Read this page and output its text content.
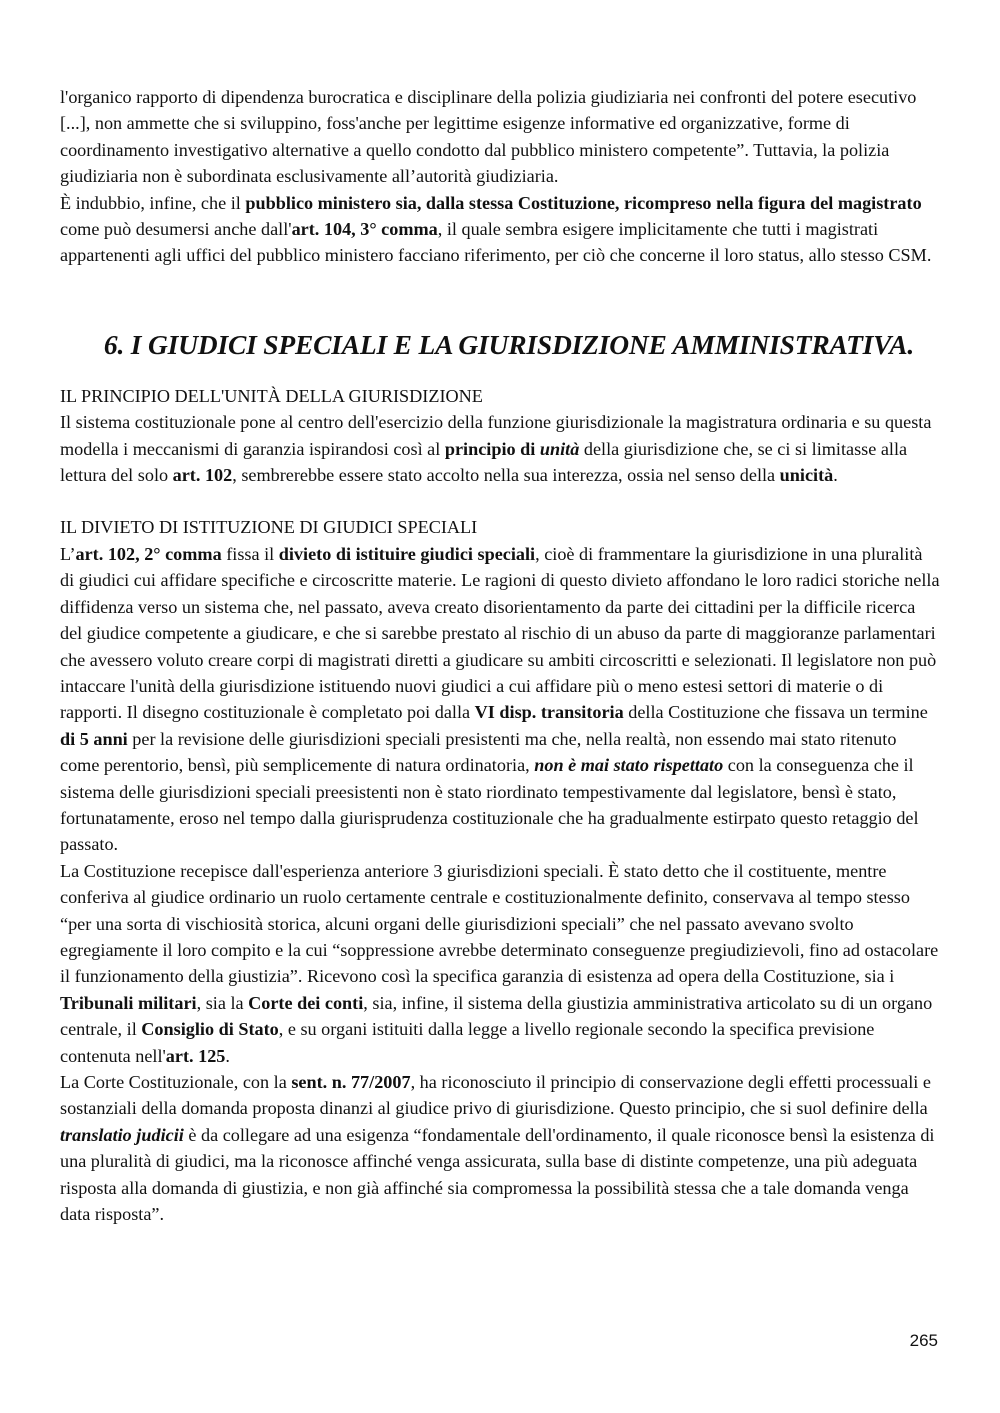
l'organico rapporto di dipendenza burocratica e disciplinare della polizia giudiziaria nei confronti del potere esecutivo [...], non ammette che si sviluppino, foss'anche per legittime esigenze informative ed organizzative, forme di coordinamento investigativo alternative a quello condotto dal pubblico ministero competente”. Tuttavia, la polizia giudiziaria non è subordinata esclusivamente all’autorità giudiziaria.

È indubbio, infine, che il pubblico ministero sia, dalla stessa Costituzione, ricompreso nella figura del magistrato come può desumersi anche dall'art. 104, 3° comma, il quale sembra esigere implicitamente che tutti i magistrati appartenenti agli uffici del pubblico ministero facciano riferimento, per ciò che concerne il loro status, allo stesso CSM.

6. I GIUDICI SPECIALI E LA GIURISDIZIONE AMMINISTRATIVA.

IL PRINCIPIO DELL'UNITÀ DELLA GIURISDIZIONE

Il sistema costituzionale pone al centro dell'esercizio della funzione giurisdizionale la magistratura ordinaria e su questa modella i meccanismi di garanzia ispirandosi così al principio di unità della giurisdizione che, se ci si limitasse alla lettura del solo art. 102, sembrerebbe essere stato accolto nella sua interezza, ossia nel senso della unicità.

IL DIVIETO DI ISTITUZIONE DI GIUDICI SPECIALI

L’art. 102, 2° comma fissa il divieto di istituire giudici speciali, cioè di frammentare la giurisdizione in una pluralità di giudici cui affidare specifiche e circoscritte materie. Le ragioni di questo divieto affondano le loro radici storiche nella diffidenza verso un sistema che, nel passato, aveva creato disorientamento da parte dei cittadini per la difficile ricerca del giudice competente a giudicare, e che si sarebbe prestato al rischio di un abuso da parte di maggioranze parlamentari che avessero voluto creare corpi di magistrati diretti a giudicare su ambiti circoscritti e selezionati. Il legislatore non può intaccare l'unità della giurisdizione istituendo nuovi giudici a cui affidare più o meno estesi settori di materie o di rapporti. Il disegno costituzionale è completato poi dalla VI disp. transitoria della Costituzione che fissava un termine di 5 anni per la revisione delle giurisdizioni speciali presistenti ma che, nella realtà, non essendo mai stato ritenuto come perentorio, bensì, più semplicemente di natura ordinatoria, non è mai stato rispettato con la conseguenza che il sistema delle giurisdizioni speciali preesistenti non è stato riordinato tempestivamente dal legislatore, bensì è stato, fortunatamente, eroso nel tempo dalla giurisprudenza costituzionale che ha gradualmente estirpato questo retaggio del passato.

La Costituzione recepisce dall'esperienza anteriore 3 giurisdizioni speciali. È stato detto che il costituente, mentre conferiva al giudice ordinario un ruolo certamente centrale e costituzionalmente definito, conservava al tempo stesso “per una sorta di vischiosità storica, alcuni organi delle giurisdizioni speciali” che nel passato avevano svolto egregiamente il loro compito e la cui “soppressione avrebbe determinato conseguenze pregiudizievoli, fino ad ostacolare il funzionamento della giustizia”. Ricevono così la specifica garanzia di esistenza ad opera della Costituzione, sia i Tribunali militari, sia la Corte dei conti, sia, infine, il sistema della giustizia amministrativa articolato su di un organo centrale, il Consiglio di Stato, e su organi istituiti dalla legge a livello regionale secondo la specifica previsione contenuta nell'art. 125.

La Corte Costituzionale, con la sent. n. 77/2007, ha riconosciuto il principio di conservazione degli effetti processuali e sostanziali della domanda proposta dinanzi al giudice privo di giurisdizione. Questo principio, che si suol definire della translatio judicii è da collegare ad una esigenza “fondamentale dell'ordinamento, il quale riconosce bensì la esistenza di una pluralità di giudici, ma la riconosce affinché venga assicurata, sulla base di distinte competenze, una più adeguata risposta alla domanda di giustizia, e non già affinché sia compromessa la possibilità stessa che a tale domanda venga data risposta”.

265
